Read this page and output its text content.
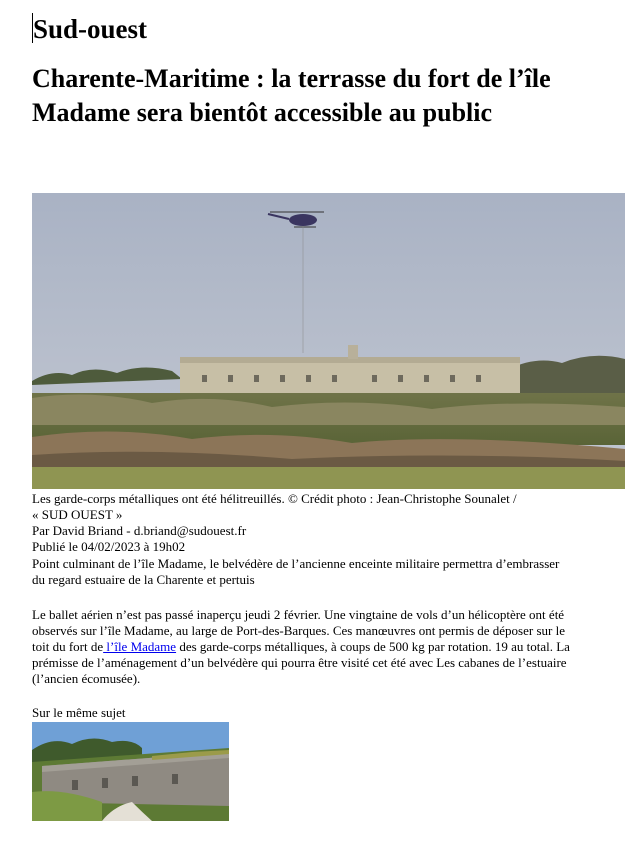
Sud-ouest
Charente-Maritime : la terrasse du fort de l’île Madame sera bientôt accessible au public
Les garde-corps métalliques ont été hélitreuillés. © Crédit photo : Jean-Christophe Sounalet /
« SUD OUEST »
Par David Briand - d.briand@sudouest.fr
Publié le 04/02/2023 à 19h02
Point culminant de l’île Madame, le belvédère de l’ancienne enceinte militaire permettra d’embrasser du regard estuaire de la Charente et pertuis
Le ballet aérien n’est pas passé inaperçu jeudi 2 février. Une vingtaine de vols d’un hélicoptère ont été observés sur l’île Madame, au large de Port-des-Barques. Ces manœuvres ont permis de déposer sur le toit du fort de l’île Madame des garde-corps métalliques, à coups de 500 kg par rotation. 19 au total. La prémisse de l’aménagement d’un belvédère qui pourra être visité cet été avec Les cabanes de l’estuaire (l’ancien écomusée).
Sur le même sujet
